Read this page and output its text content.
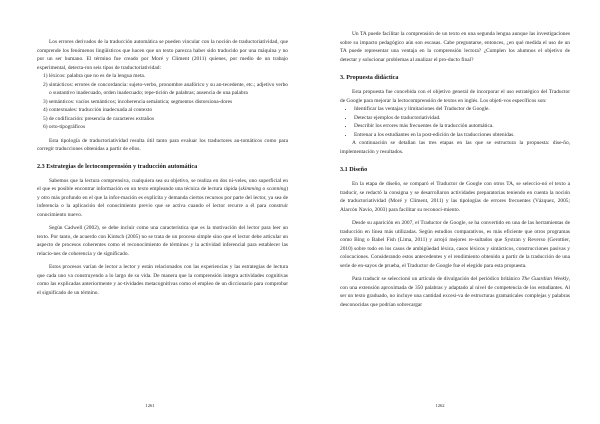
Los errores derivados de la traducción automática se pueden vincular con la noción de traductoriatividad, que comprende los fenómenos lingüísticos que hacen que un texto parezca haber sido traducido por una máquina y no por un ser humano. El término fue creado por Moré y Climent (2011) quienes, por medio de un trabajo experimental, detecta-ron seis tipos de traductoriatividad:

1) léxicos: palabra que no es de la lengua meta.
2) sintácticos: errores de concordancia: sujeto-verbo, pronombre anafórico y su an-tecedente, etc.; adjetivo verbo o sustantivo inadecuado, orden inadecuado; repe-tición de palabras; ausencia de una palabra
3) semánticos: vacíos semánticos; incoherencia semántica; segmentos distorsiona-dores
4) contextuales: traducción inadecuada al contexto
5) de codificación: presencia de caracteres extraños
6) orto-tipográficos

Esta tipología de traductoriatividad resulta útil tanto para evaluar los traductores au-tomáticos como para corregir traducciones obtenidas a partir de ellos.

2.3 Estrategias de lectocomprensión y traducción automática

Sabemos que la lectura comprensiva, cualquiera sea su objetivo, se realiza en dos ni-veles, uno superficial en el que es posible encontrar información en un texto empleando una técnica de lectura rápida (skimming o scanning) y otro más profundo en el que la infor-mación es explícita y demanda ciertos recursos por parte del lector, ya sea de inferencia o la aplicación del conocimiento previo que se activa cuando el lector recurre a él para construir conocimiento nuevo.

Según Cadwell (2002), se debe incluir como una característica que es la motivación del lector para leer un texto. Por tanto, de acuerdo con Kintsch (2005) no se trata de un proceso simple sino que el lector debe articular un aspecto de procesos coherentes como el reconocimiento de términos y la actividad inferencial para establecer las relacio-nes de coherencia y de significado.

Estos procesos varían de lector a lector y están relacionados con las experiencias y las estrategias de lectura que cada uno va construyendo a lo largo de su vida. De manera que la comprensión integra actividades cognitivas como las explicadas anteriormente y ac-tividades metacognitivas como el empleo de un diccionario para comprobar el significado de un término.

1261

Un TA puede facilitar la comprensión de un texto en una segunda lengua aunque las investigaciones sobre su impacto pedagógico aún son escasas. Cabe preguntarse, entonces, ¿en qué medida el uso de un TA puede representar una ventaja en la comprensión lectora? ¿Cumplen los alumnos el objetivo de detectar y solucionar problemas al analizar el pro-ducto final?

3. Propuesta didáctica

Esta propuesta fue concebida con el objetivo general de incorporar el uso estratégico del Traductor de Google para mejorar la lectocomprensión de textos en inglés. Los objeti-vos específicos son:

• Identificar las ventajas y limitaciones del Traductor de Google.
• Detectar ejemplos de traductoriatividad.
• Describir los errores más frecuentes de la traducción automática.
• Entrenar a los estudiantes en la post-edición de las traducciones obtenidas.

A continuación se detallan las tres etapas en las que se estructura la propuesta: dise-ño, implementación y resultados.

3.1 Diseño

En la etapa de diseño, se comparó el Traductor de Google con otros TA, se seleccio-nó el texto a traducir, se redactó la consigna y se desarrollaron actividades preparatorias teniendo en cuenta la noción de traductoriatividad (Moré y Climent, 2011) y las tipologías de errores frecuentes (Vázquez, 2005; Alarcón Navío, 2003) para facilitar su reconoci-miento.

Desde su aparición en 2007, el Traductor de Google, se ha convertido en una de las herramientas de traducción en línea más utilizadas. Según estudios comparativos, es más eficiente que otros programas como Bing o Babel Fish (Lima, 2011) y arrojó mejores re-sultados que Systran y Reverso (Gerottier, 2010) sobre todo en los casos de ambigüedad léxica, casos léxicos y sintácticos, construcciones pasivas y colocaciones. Considerando estos antecedentes y el rendimiento obtenido a partir de la traducción de una serie de en-sayos de prueba, el Traductor de Google fue el elegido para esta propuesta.

Para traducir se seleccionó un artículo de divulgación del periódico británico The Guardian Weekly, con una extensión aproximada de 350 palabras y adaptado al nivel de competencia de los estudiantes. Al ser un texto graduado, no incluye una cantidad excesi-va de estructuras gramaticales complejas y palabras desconocidas que podrían sobrecargar

1262
